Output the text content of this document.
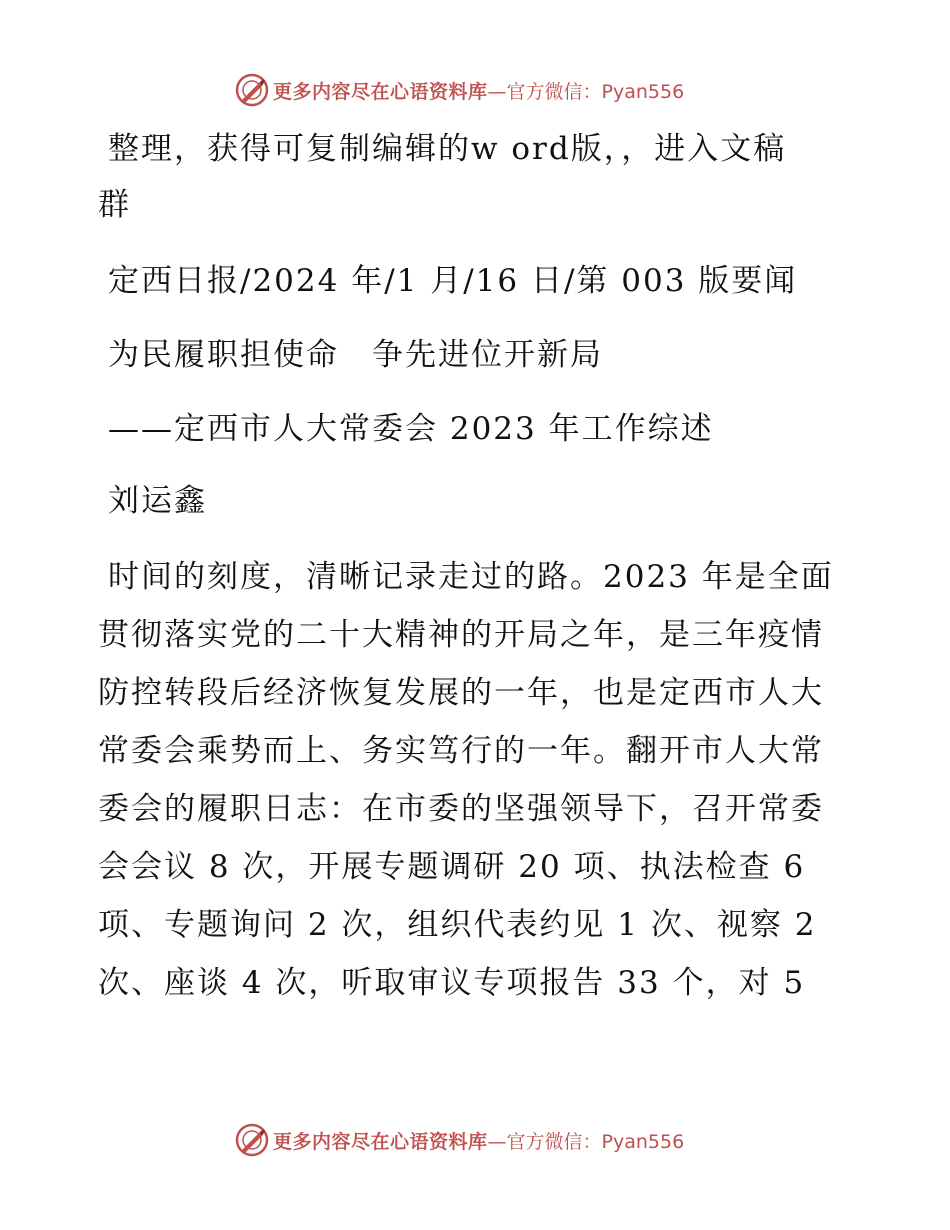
更多内容尽在心语资料库 —官方微信：Pyan556

整理，获得可复制编辑的w ord版，，进入文稿

群

定西日报/2024 年/1 月/16 日/第 003 版要闻

为民履职担使命　争先进位开新局

——定西市人大常委会 2023 年工作综述

刘运鑫

时间的刻度，清晰记录走过的路。2023 年是全面

贯彻落实党的二十大精神的开局之年，是三年疫情

防控转段后经济恢复发展的一年，也是定西市人大

常委会乘势而上、务实笃行的一年。翻开市人大常

委会的履职日志：在市委的坚强领导下，召开常委

会会议 8 次，开展专题调研 20 项、执法检查 6

项、专题询问 2 次，组织代表约见 1 次、视察 2

次、座谈 4 次，听取审议专项报告 33 个，对 5

更多内容尽在心语资料库 —官方微信：Pyan556
